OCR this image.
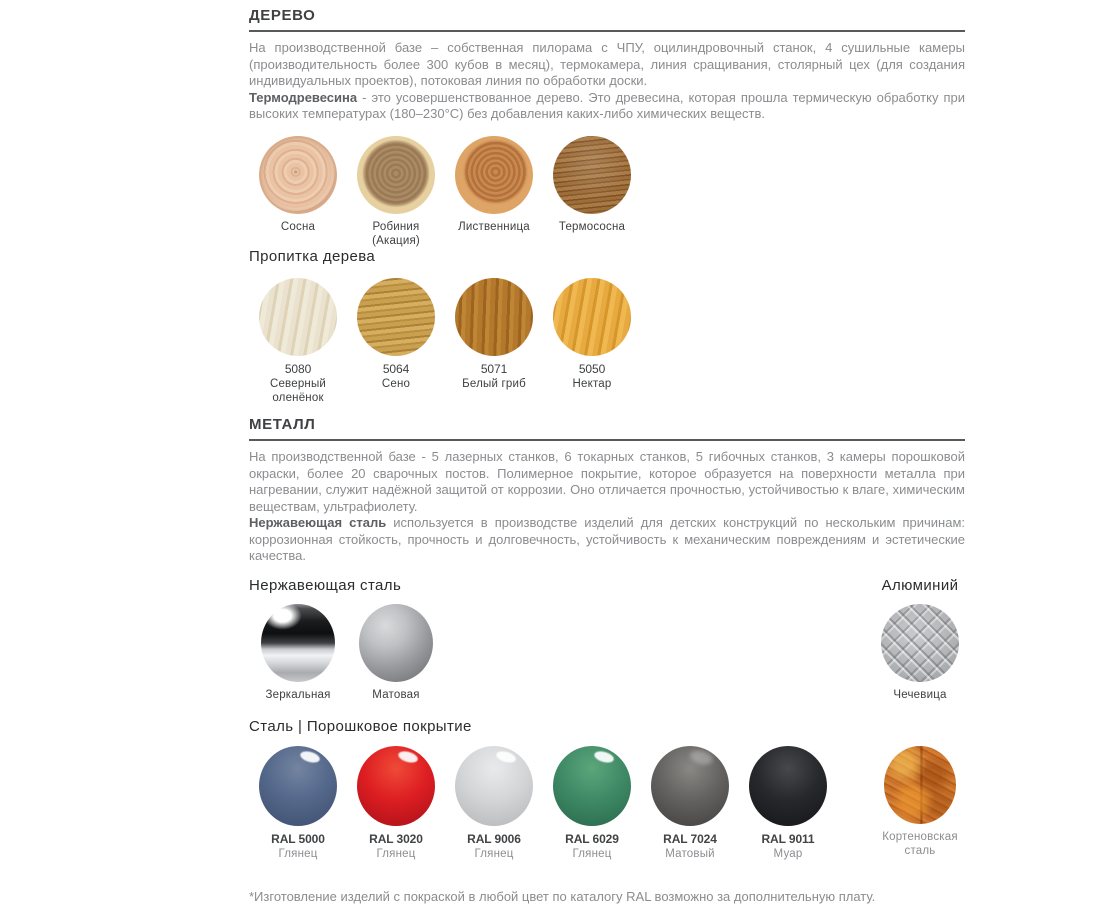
ДЕРЕВО

На производственной базе – собственная пилорама с ЧПУ, оцилиндровочный станок, 4 сушильные камеры (производительность более 300 кубов в месяц), термокамера, линия сращивания, столярный цех (для создания индивидуальных проектов), потоковая линия по обработки доски.

Термодревесина - это усовершенствованное дерево. Это древесина, которая прошла термическую обработку при высоких температурах (180–230°С) без добавления каких-либо химических веществ.

Сосна	Робиния (Акация)
Лиственница	Термососна
Пропитка дерева
5080
Северный оленёнок
5064
Сено
5071
Белый гриб
5050
Нектар
МЕТАЛЛ

На производственной базе - 5 лазерных станков, 6 токарных станков, 5 гибочных станков, 3 камеры порошковой окраски, более 20 сварочных постов. Полимерное покрытие, которое образуется на поверхности металла при нагревании, служит надёжной защитой от коррозии. Оно отличается прочностью, устойчивостью к влаге, химическим веществам, ультрафиолету.

Нержавеющая сталь используется в производстве изделий для детских конструкций по нескольким причинам: коррозионная стойкость, прочность и долговечность, устойчивость к механическим повреждениям и эстетические качества.

Нержавеющая сталь	Алюминий
Зеркальная	Матовая	Чечевица
Сталь | Порошковое покрытие
RAL 5000
Глянец
RAL 3020
Глянец
RAL 9006
Глянец
RAL 6029
Глянец
RAL 7024
Матовый
RAL 9011
Муар
Кортеновская
сталь

*Изготовление изделий с покраской в любой цвет по каталогу RAL возможно за дополнительную плату.
